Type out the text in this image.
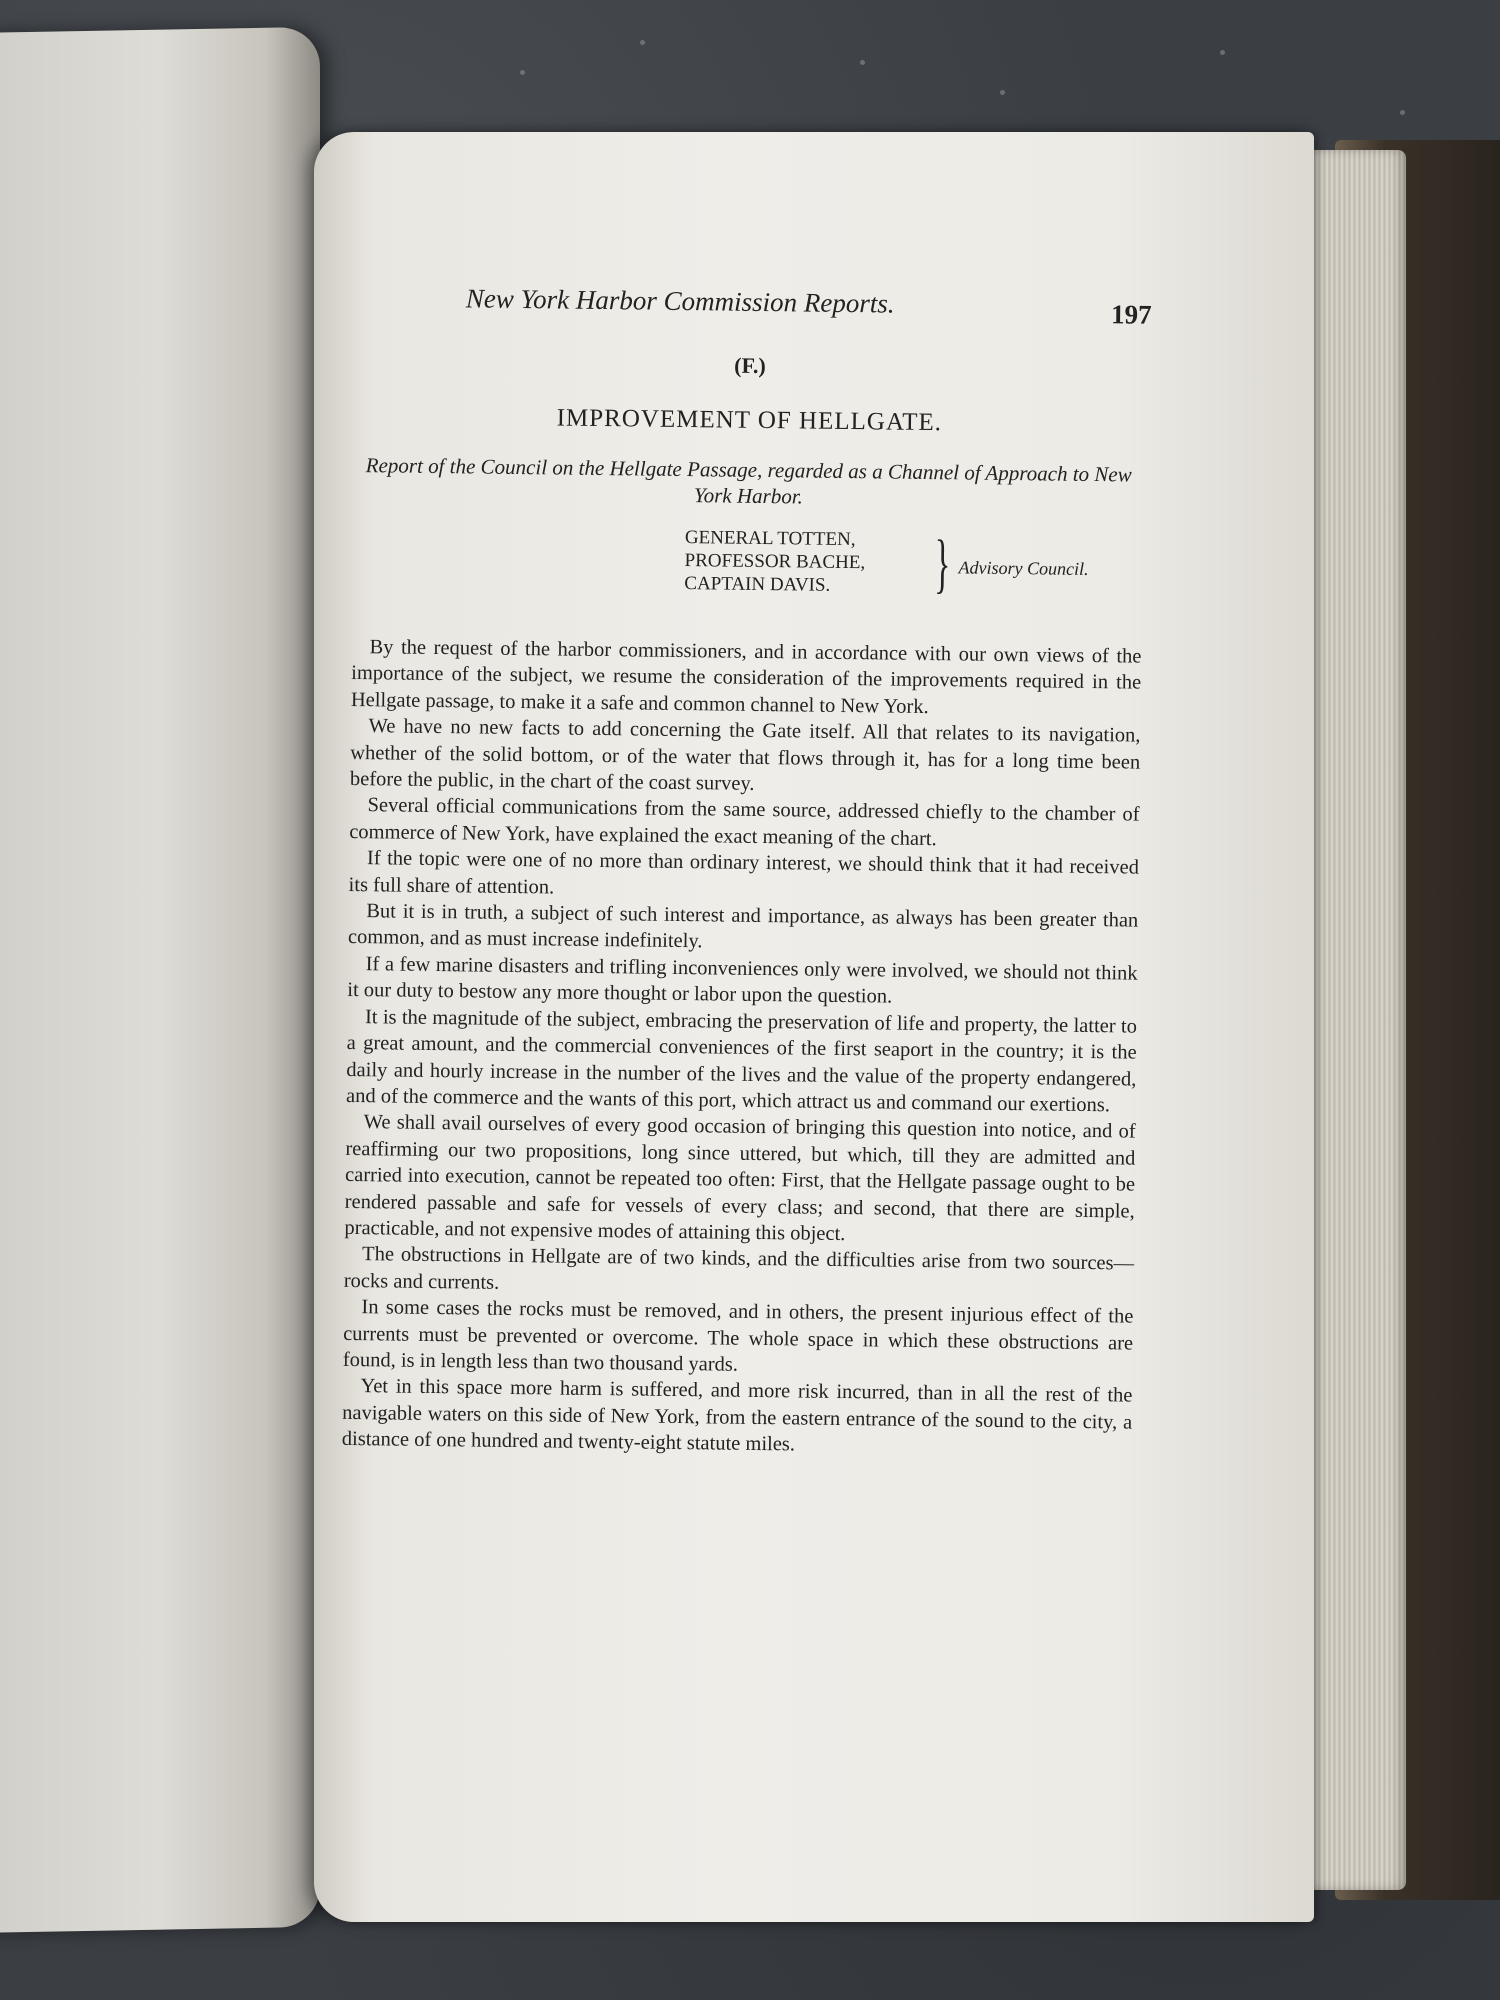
New York Harbor Commission Reports.	197
(F.)
IMPROVEMENT OF HELLGATE.
Report of the Council on the Hellgate Passage, regarded as a Channel of Approach to New York Harbor.
GENERAL TOTTEN,
PROFESSOR BACHE,
CAPTAIN DAVIS.	} Advisory Council.

By the request of the harbor commissioners, and in accordance with our own views of the importance of the subject, we resume the consideration of the improvements required in the Hellgate passage, to make it a safe and common channel to New York.

We have no new facts to add concerning the Gate itself. All that relates to its navigation, whether of the solid bottom, or of the water that flows through it, has for a long time been before the public, in the chart of the coast survey.

Several official communications from the same source, addressed chiefly to the chamber of commerce of New York, have explained the exact meaning of the chart.

If the topic were one of no more than ordinary interest, we should think that it had received its full share of attention.

But it is in truth, a subject of such interest and importance, as always has been greater than common, and as must increase indefinitely.

If a few marine disasters and trifling inconveniences only were involved, we should not think it our duty to bestow any more thought or labor upon the question.

It is the magnitude of the subject, embracing the preservation of life and property, the latter to a great amount, and the commercial conveniences of the first seaport in the country; it is the daily and hourly increase in the number of the lives and the value of the property endangered, and of the commerce and the wants of this port, which attract us and command our exertions.

We shall avail ourselves of every good occasion of bringing this question into notice, and of reaffirming our two propositions, long since uttered, but which, till they are admitted and carried into execution, cannot be repeated too often: First, that the Hellgate passage ought to be rendered passable and safe for vessels of every class; and second, that there are simple, practicable, and not expensive modes of attaining this object.

The obstructions in Hellgate are of two kinds, and the difficulties arise from two sources—rocks and currents.

In some cases the rocks must be removed, and in others, the present injurious effect of the currents must be prevented or overcome. The whole space in which these obstructions are found, is in length less than two thousand yards.

Yet in this space more harm is suffered, and more risk incurred, than in all the rest of the navigable waters on this side of New York, from the eastern entrance of the sound to the city, a distance of one hundred and twenty-eight statute miles.
